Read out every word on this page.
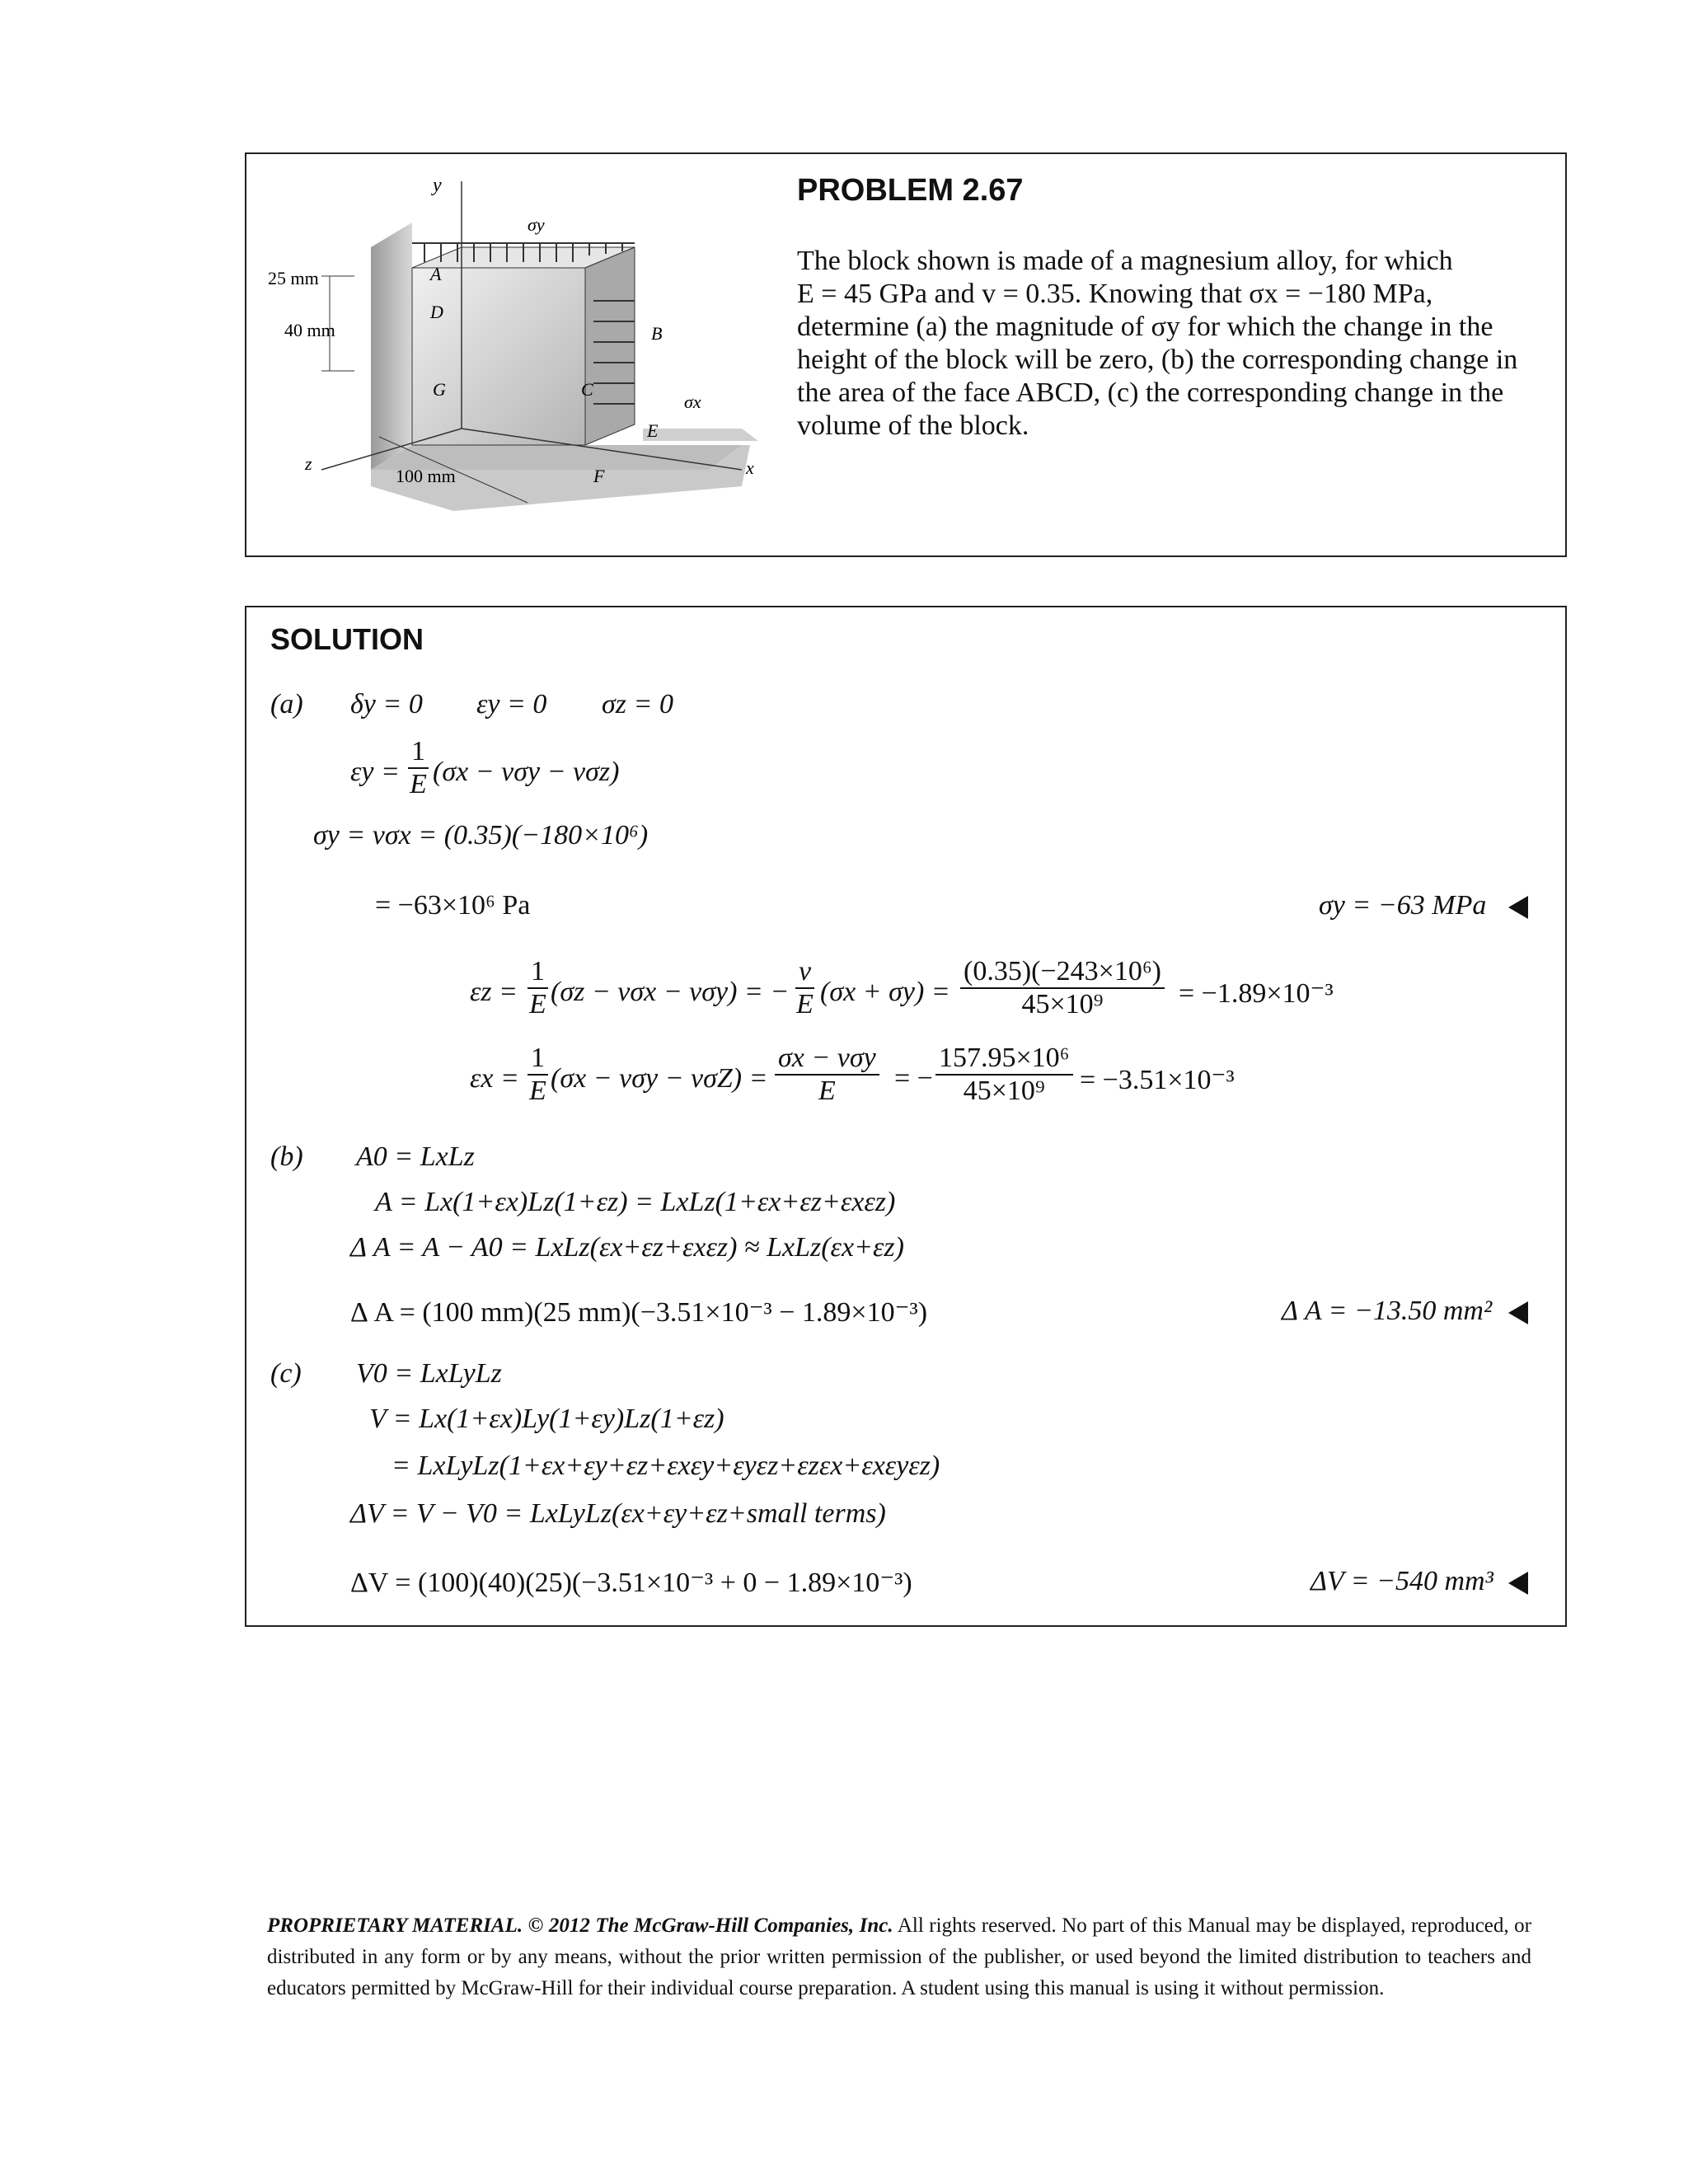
y
σy
25 mm
40 mm
D
G
A
B
C
E
F
σx
z	x
100 mm
PROBLEM 2.67
The block shown is made of a magnesium alloy, for which
E = 45 GPa and v = 0.35. Knowing that σx = −180 MPa,
determine (a) the magnitude of σy for which the change in the
height of the block will be zero, (b) the corresponding change in
the area of the face ABCD, (c) the corresponding change in the
volume of the block.
SOLUTION
(a) δy = 0 εy = 0 σz = 0
$\varepsilon y = \frac{1}{E} (\sigma x - v\sigma y - v\sigma z)$
σy = vσx = (0.35)(−180×10⁶)
= −63×10⁶ Pa	σy = −63 MPa
$\varepsilon z = \frac{1}{E} (\sigma z - v\sigma x - v\sigma y)$ = − $\frac{v}{E} (\sigma x + \sigma y) = \frac{\text{(0.35)(−243×10⁶)}}{\text{45×10⁹}} = -1.89\times 10^{-3}$
$\varepsilon x = \frac{1}{E} (\sigma x - v\sigma y - v\sigma Z)$ =
σx − vσy
E	= − $\frac{\text{157.95×10⁶}}{\text{45×10⁹}} = -3.51\times 10^{-3}$
(b) A0 = LxLz
A = Lx(1+εx)Lz(1+εz) = LxLz(1+εx+εz+εxεz)
Δ A = A − A0 = LxLz(εx+εz+εxεz) ≈ LxLz(εx+εz)
Δ A = (100 mm)(25 mm)(−3.51×10⁻³ − 1.89×10⁻³)	Δ A = −13.50 mm²
(c) V0 = LxLyLz
V = Lx(1+εx)Ly(1+εy)Lz(1+εz)
= LxLyLz(1+εx+εy+εz+εxεy+εyεz+εzεx+εxεyεz)
ΔV = V − V0 = LxLyLz(εx+εy+εz+small terms)
ΔV = (100)(40)(25)(−3.51×10⁻³ + 0 − 1.89×10⁻³)	ΔV = −540 mm³
PROPRIETARY MATERIAL. © 2012 The McGraw-Hill Companies, Inc. All rights reserved. No part of this Manual may be displayed, reproduced, or distributed in any form or by any means, without the prior written permission of the publisher, or used beyond the limited distribution to teachers and educators permitted by McGraw-Hill for their individual course preparation. A student using this manual is using it without permission.
